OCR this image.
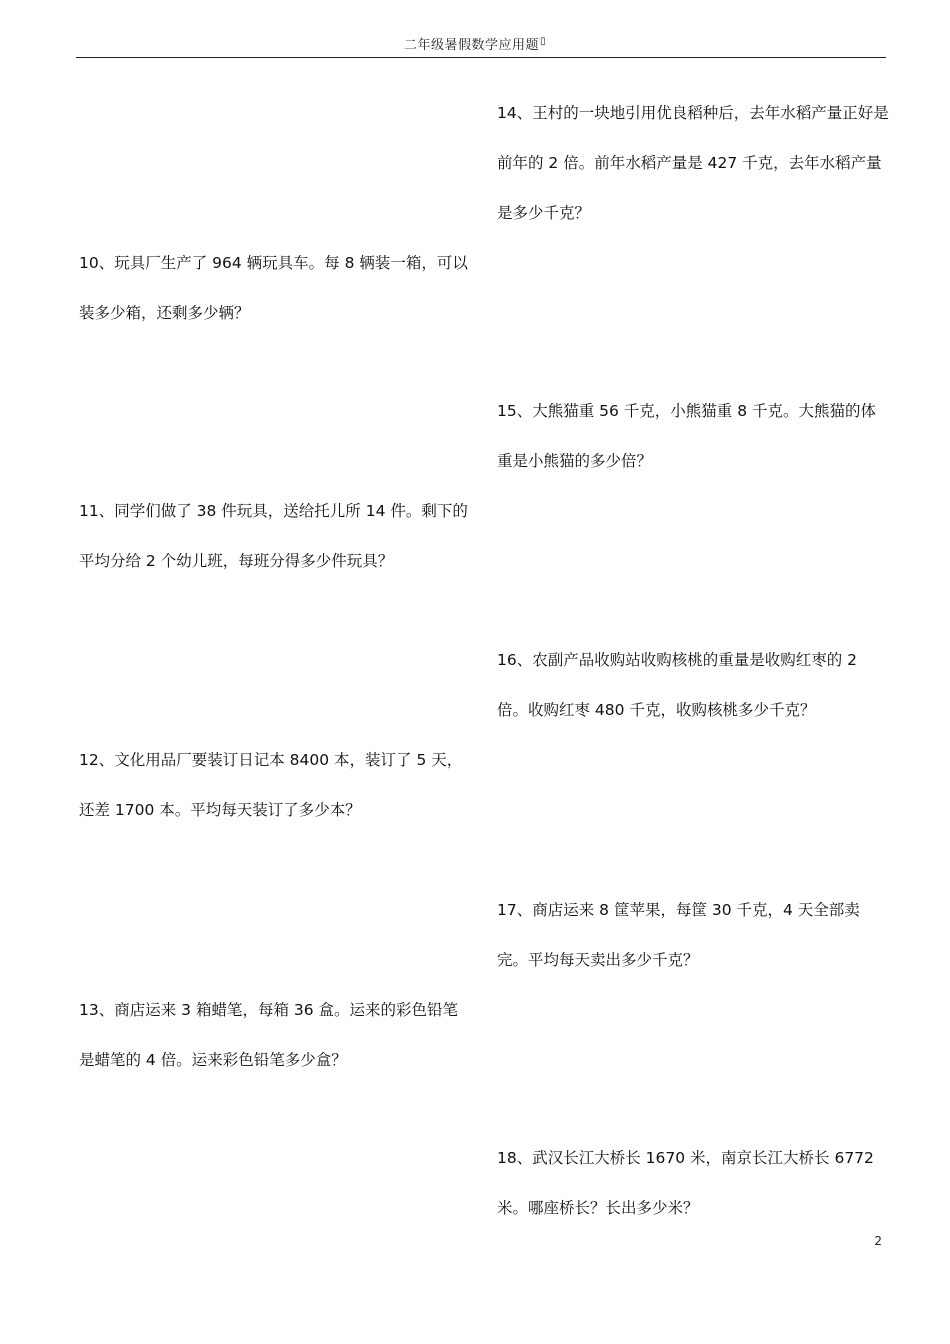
二年级暑假数学应用题▯

14、王村的一块地引用优良稻种后，去年水稻产量正好是前年的 2 倍。前年水稻产量是 427 千克，去年水稻产量是多少千克？

10、玩具厂生产了 964 辆玩具车。每 8 辆装一箱，可以装多少箱，还剩多少辆？

15、大熊猫重 56 千克，小熊猫重 8 千克。大熊猫的体重是小熊猫的多少倍？

11、同学们做了 38 件玩具，送给托儿所 14 件。剩下的平均分给 2 个幼儿班，每班分得多少件玩具？

16、农副产品收购站收购核桃的重量是收购红枣的 2 倍。收购红枣 480 千克，收购核桃多少千克？

12、文化用品厂要装订日记本 8400 本，装订了 5 天，还差 1700 本。平均每天装订了多少本？

17、商店运来 8 筐苹果，每筐 30 千克，4 天全部卖完。平均每天卖出多少千克？

13、商店运来 3 箱蜡笔，每箱 36 盒。运来的彩色铅笔是蜡笔的 4 倍。运来彩色铅笔多少盒？

18、武汉长江大桥长 1670 米，南京长江大桥长 6772 米。哪座桥长？长出多少米？

2
